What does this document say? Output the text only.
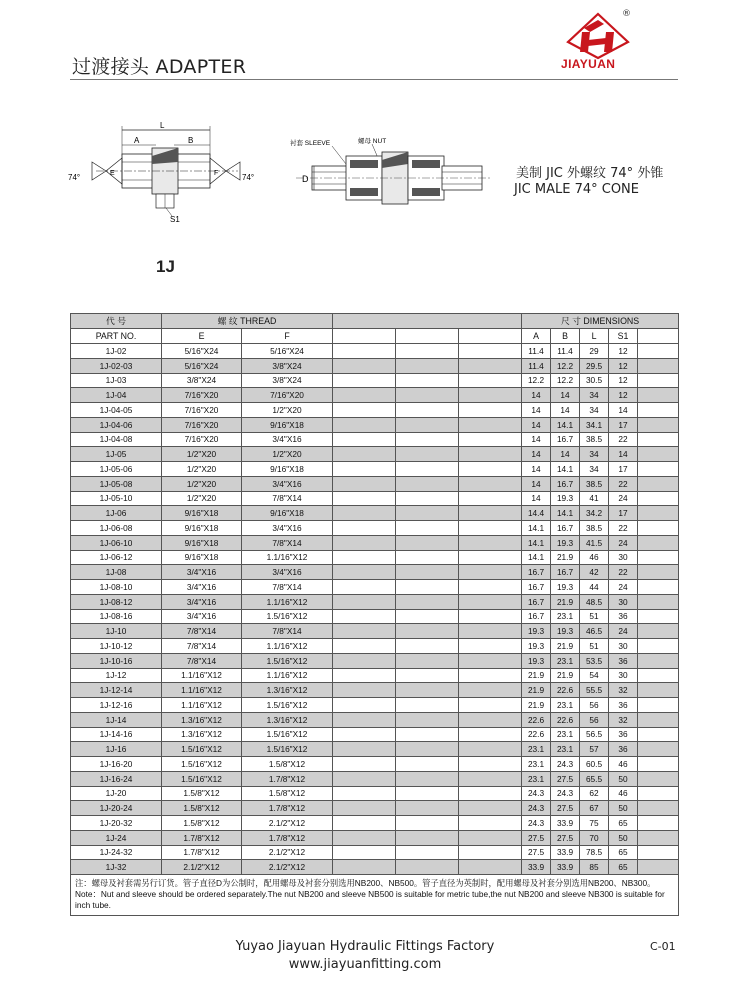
过渡接头 ADAPTER
®
JIAYUAN
L
A	B
74°	74°
E	F
S1
衬套 SLEEVE	螺母 NUT
D	美制 JIC 外螺纹 74° 外锥
JIC MALE 74° CONE
1J
代 号	螺 纹 THREAD					尺 寸 DIMENSIONS				
PART NO.	E	F				A	B	L	S1	
1J-02	5/16"X24	5/16"X24				11.4	11.4	29	12	
1J-02-03	5/16"X24	3/8"X24				11.4	12.2	29.5	12	
1J-03	3/8"X24	3/8"X24				12.2	12.2	30.5	12	
1J-04	7/16"X20	7/16"X20				14	14	34	12	
1J-04-05	7/16"X20	1/2"X20				14	14	34	14	
1J-04-06	7/16"X20	9/16"X18				14	14.1	34.1	17	
1J-04-08	7/16"X20	3/4"X16				14	16.7	38.5	22	
1J-05	1/2"X20	1/2"X20				14	14	34	14	
1J-05-06	1/2"X20	9/16"X18				14	14.1	34	17	
1J-05-08	1/2"X20	3/4"X16				14	16.7	38.5	22	
1J-05-10	1/2"X20	7/8"X14				14	19.3	41	24	
1J-06	9/16"X18	9/16"X18				14.4	14.1	34.2	17	
1J-06-08	9/16"X18	3/4"X16				14.1	16.7	38.5	22	
1J-06-10	9/16"X18	7/8"X14				14.1	19.3	41.5	24	
1J-06-12	9/16"X18	1.1/16"X12				14.1	21.9	46	30	
1J-08	3/4"X16	3/4"X16				16.7	16.7	42	22	
1J-08-10	3/4"X16	7/8"X14				16.7	19.3	44	24	
1J-08-12	3/4"X16	1.1/16"X12				16.7	21.9	48.5	30	
1J-08-16	3/4"X16	1.5/16"X12				16.7	23.1	51	36	
1J-10	7/8"X14	7/8"X14				19.3	19.3	46.5	24	
1J-10-12	7/8"X14	1.1/16"X12				19.3	21.9	51	30	
1J-10-16	7/8"X14	1.5/16"X12				19.3	23.1	53.5	36	
1J-12	1.1/16"X12	1.1/16"X12				21.9	21.9	54	30	
1J-12-14	1.1/16"X12	1.3/16"X12				21.9	22.6	55.5	32	
1J-12-16	1.1/16"X12	1.5/16"X12				21.9	23.1	56	36	
1J-14	1.3/16"X12	1.3/16"X12				22.6	22.6	56	32	
1J-14-16	1.3/16"X12	1.5/16"X12				22.6	23.1	56.5	36	
1J-16	1.5/16"X12	1.5/16"X12				23.1	23.1	57	36	
1J-16-20	1.5/16"X12	1.5/8"X12				23.1	24.3	60.5	46	
1J-16-24	1.5/16"X12	1.7/8"X12				23.1	27.5	65.5	50	
1J-20	1.5/8"X12	1.5/8"X12				24.3	24.3	62	46	
1J-20-24	1.5/8"X12	1.7/8"X12				24.3	27.5	67	50	
1J-20-32	1.5/8"X12	2.1/2"X12				24.3	33.9	75	65	
1J-24	1.7/8"X12	1.7/8"X12				27.5	27.5	70	50	
1J-24-32	1.7/8"X12	2.1/2"X12				27.5	33.9	78.5	65	
1J-32	2.1/2"X12	2.1/2"X12				33.9	33.9	85	65	
注：螺母及衬套需另行订货。管子直径D为公制时，配用螺母及衬套分别选用NB200、NB500。管子直径为英制时，配用螺母及衬套分别选用NB200、NB300。Note：Nut and sleeve should be ordered separately.The nut NB200 and sleeve NB500 is suitable for metric tube,the nut NB200 and sleeve NB300 is suitable for inch tube.										
Yuyao Jiayuan Hydraulic Fittings Factory
www.jiayuanfitting.com
C-01
